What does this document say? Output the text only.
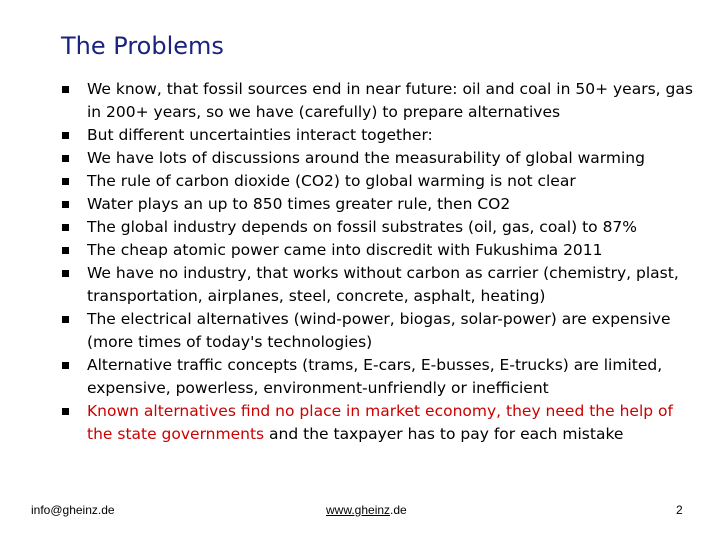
The Problems
We know, that fossil sources end in near future: oil and coal in 50+ years, gas in 200+ years, so we have (carefully) to prepare alternatives
But different uncertainties interact together:
We have lots of discussions around the measurability of global warming
The rule of carbon dioxide (CO2) to global warming is not clear
Water plays an up to 850 times greater rule, then CO2
The global industry depends on fossil substrates (oil, gas, coal) to 87%
The cheap atomic power came into discredit with Fukushima 2011
We have no industry, that works without carbon as carrier (chemistry, plast, transportation, airplanes, steel, concrete, asphalt, heating)
The electrical alternatives (wind-power, biogas, solar-power) are expensive (more times of today's technologies)
Alternative traffic concepts (trams, E-cars, E-busses, E-trucks) are limited, expensive, powerless, environment-unfriendly or inefficient
Known alternatives find no place in market economy, they need the help of the state governments and the taxpayer has to pay for each mistake
info@gheinz.de	www.gheinz.de	2
